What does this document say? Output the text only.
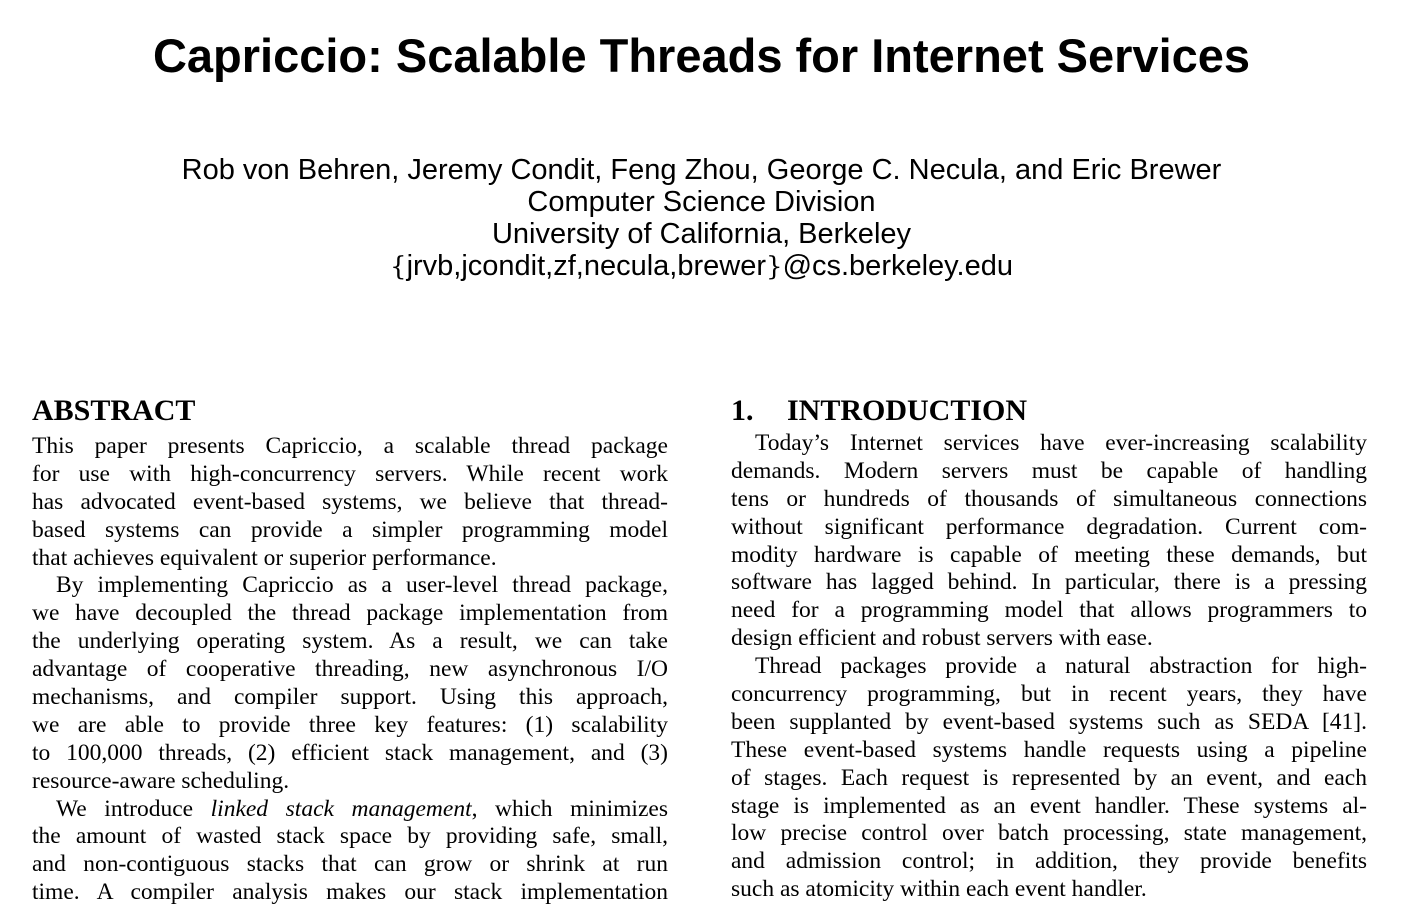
Capriccio: Scalable Threads for Internet Services
Rob von Behren, Jeremy Condit, Feng Zhou, George C. Necula, and Eric Brewer
Computer Science Division
University of California, Berkeley
{jrvb,jcondit,zf,necula,brewer}@cs.berkeley.edu
ABSTRACT
This paper presents Capriccio, a scalable thread package
for use with high-concurrency servers. While recent work
has advocated event-based systems, we believe that thread-
based systems can provide a simpler programming model
that achieves equivalent or superior performance.
By implementing Capriccio as a user-level thread package,
we have decoupled the thread package implementation from
the underlying operating system. As a result, we can take
advantage of cooperative threading, new asynchronous I/O
mechanisms, and compiler support. Using this approach,
we are able to provide three key features: (1) scalability
to 100,000 threads, (2) efficient stack management, and (3)
resource-aware scheduling.
We introduce linked stack management, which minimizes
the amount of wasted stack space by providing safe, small,
and non-contiguous stacks that can grow or shrink at run
time. A compiler analysis makes our stack implementation
1. INTRODUCTION
Today’s Internet services have ever-increasing scalability
demands. Modern servers must be capable of handling
tens or hundreds of thousands of simultaneous connections
without significant performance degradation. Current com-
modity hardware is capable of meeting these demands, but
software has lagged behind. In particular, there is a pressing
need for a programming model that allows programmers to
design efficient and robust servers with ease.
Thread packages provide a natural abstraction for high-
concurrency programming, but in recent years, they have
been supplanted by event-based systems such as SEDA [41].
These event-based systems handle requests using a pipeline
of stages. Each request is represented by an event, and each
stage is implemented as an event handler. These systems al-
low precise control over batch processing, state management,
and admission control; in addition, they provide benefits
such as atomicity within each event handler.
